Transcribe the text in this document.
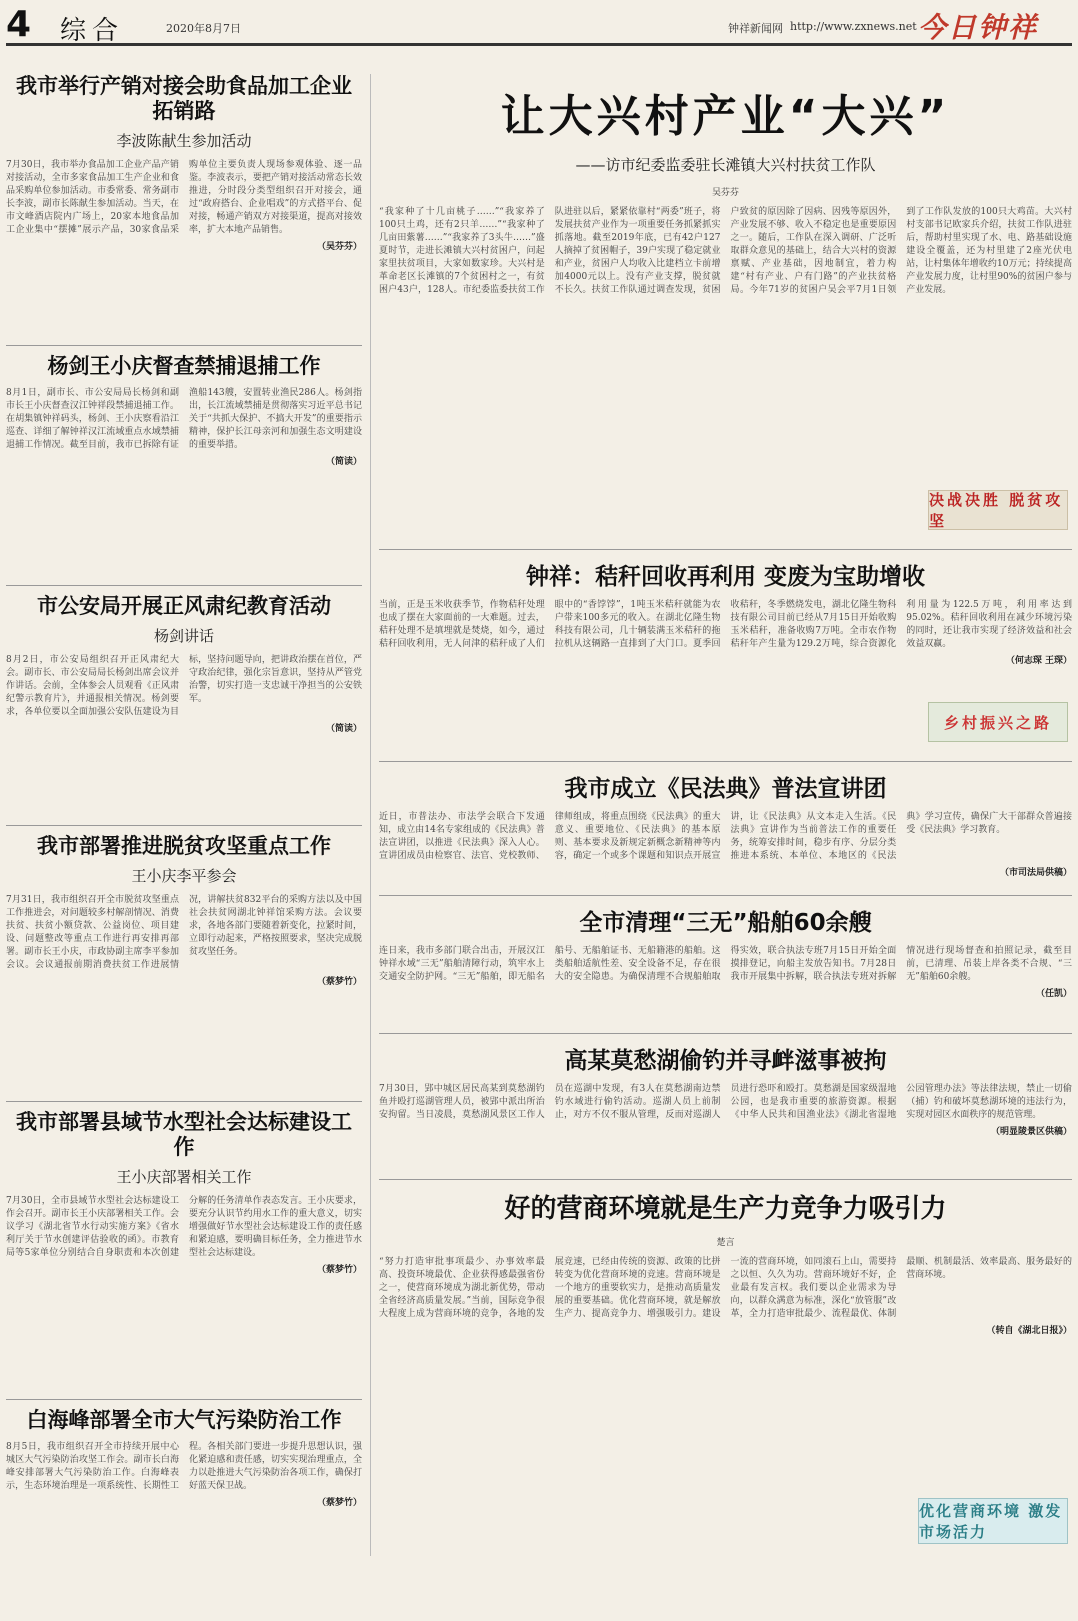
4 综合	2020年8月7日	钟祥新闻网 http://www.zxnews.net 今日钟祥
我市举行产销对接会助食品加工企业拓销路
李波陈献生参加活动
7月30日，我市举办食品加工企业产品产销对接活动，全市多家食品加工生产企业和食品采购单位参加活动。市委常委、常务副市长李波，副市长陈献生参加活动。当天，在市文峰酒店院内广场上，20家本地食品加工企业集中“摆摊”展示产品，30家食品采购单位主要负责人现场参观体验、逐一品鉴。李波表示，要把产销对接活动常态长效推进，分时段分类型组织召开对接会，通过“政府搭台、企业唱戏”的方式搭平台、促对接，畅通产销双方对接渠道，提高对接效率，扩大本地产品销售。
（吴芬芬）
杨剑王小庆督查禁捕退捕工作
8月1日，副市长、市公安局局长杨剑和副市长王小庆督查汉江钟祥段禁捕退捕工作。在胡集镇钟祥码头，杨剑、王小庆察看沿江巡查、详细了解钟祥汉江流域重点水域禁捕退捕工作情况。截至目前，我市已拆除有证渔船143艘，安置转业渔民286人。杨剑指出，长江流域禁捕是贯彻落实习近平总书记关于“共抓大保护、不搞大开发”的重要指示精神，保护长江母亲河和加强生态文明建设的重要举措。
（简读）
市公安局开展正风肃纪教育活动
杨剑讲话
8月2日，市公安局组织召开正风肃纪大会。副市长、市公安局局长杨剑出席会议并作讲话。会前，全体参会人员观看《正风肃纪警示教育片》，并通报相关情况。杨剑要求，各单位要以全面加强公安队伍建设为目标，坚持问题导向，把讲政治摆在首位，严守政治纪律，强化宗旨意识，坚持从严管党治警，切实打造一支忠诚干净担当的公安铁军。
（简读）
我市部署推进脱贫攻坚重点工作
王小庆李平参会
7月31日，我市组织召开全市脱贫攻坚重点工作推进会，对问题较多村解剖情况、消费扶贫、扶贫小额贷款、公益岗位、项目建设、问题整改等重点工作进行再安排再部署。副市长王小庆，市政协副主席李平参加会议。会议通报前期消费扶贫工作进展情况，讲解扶贫832平台的采购方法以及中国社会扶贫网湖北钟祥馆采购方法。会议要求，各地各部门要随着新变化，拉紧时间，立即行动起来，严格按照要求，坚决完成脱贫攻坚任务。
（蔡梦竹）
我市部署县域节水型社会达标建设工作
王小庆部署相关工作
7月30日，全市县域节水型社会达标建设工作会召开。副市长王小庆部署相关工作。会议学习《湖北省节水行动实施方案》《省水利厅关于节水创建评估验收的函》。市教育局等5家单位分别结合自身职责和本次创建分解的任务清单作表态发言。王小庆要求，要充分认识节约用水工作的重大意义，切实增强做好节水型社会达标建设工作的责任感和紧迫感，要明确目标任务，全力推进节水型社会达标建设。
（蔡梦竹）
白海峰部署全市大气污染防治工作
8月5日，我市组织召开全市持续开展中心城区大气污染防治攻坚工作会。副市长白海峰安排部署大气污染防治工作。白海峰表示，生态环境治理是一项系统性、长期性工程。各相关部门要进一步提升思想认识，强化紧迫感和责任感，切实实现治理重点，全力以赴推进大气污染防治各项工作，确保打好蓝天保卫战。
（蔡梦竹）
让大兴村产业“大兴”
——访市纪委监委驻长滩镇大兴村扶贫工作队
吴芬芬
“我家种了十几亩桃子……”“我家养了100只土鸡，还有2只羊……”“我家种了几亩田紫薯……”“我家养了3头牛……”盛夏时节，走进长滩镇大兴村贫困户，问起家里扶贫项目，大家如数家珍。大兴村是革命老区长滩镇的7个贫困村之一，有贫困户43户，128人。市纪委监委扶贫工作队进驻以后，紧紧依靠村“两委”班子，将发展扶贫产业作为一项重要任务抓紧抓实抓落地。截至2019年底，已有42户127人摘掉了贫困帽子，39户实现了稳定就业和产业，贫困户人均收入比建档立卡前增加4000元以上。没有产业支撑，脱贫就不长久。扶贫工作队通过调查发现，贫困户致贫的原因除了因病、因残等原因外，产业发展不够、收入不稳定也是重要原因之一。随后，工作队在深入调研、广泛听取群众意见的基础上，结合大兴村的资源禀赋、产业基础，因地制宜，着力构建“村有产业、户有门路”的产业扶贫格局。今年71岁的贫困户吴会平7月1日领到了工作队发放的100只大鸡苗。大兴村村支部书记欧家兵介绍，扶贫工作队进驻后，帮助村里实现了水、电、路基础设施建设全覆盖，还为村里建了2座光伏电站，让村集体年增收约10万元；持续提高产业发展力度，让村里90%的贫困户参与产业发展。
决战决胜 脱贫攻坚
钟祥：秸秆回收再利用 变废为宝助增收
当前，正是玉米收获季节，作物秸秆处理也成了摆在大家面前的一大难题。过去，秸秆处理不是填埋就是焚烧，如今，通过秸秆回收利用，无人问津的秸秆成了人们眼中的“香饽饽”，1吨玉米秸秆就能为农户带来100多元的收入。在湖北亿隆生物科技有限公司，几十辆装满玉米秸秆的拖拉机从这辆路一直排到了大门口。夏季回收秸秆，冬季燃烧发电，湖北亿隆生物科技有限公司目前已经从7月15日开始收购玉米秸秆，准备收购7万吨。全市农作物秸秆年产生量为129.2万吨，综合资源化利用量为122.5万吨，利用率达到95.02%。秸秆回收利用在减少环境污染的同时，还让我市实现了经济效益和社会效益双赢。
（何志琛 王琛）
乡村振兴之路
我市成立《民法典》普法宣讲团
近日，市普法办、市法学会联合下发通知，成立由14名专家组成的《民法典》普法宣讲团，以推进《民法典》深入人心。宣讲团成员由检察官、法官、党校教师、律师组成，将重点围绕《民法典》的重大意义、重要地位、《民法典》的基本原则、基本要求及新规定新概念新精神等内容，确定一个或多个课题和知识点开展宣讲，让《民法典》从文本走入生活。《民法典》宣讲作为当前普法工作的重要任务，统筹安排时间，稳步有序、分层分类推进本系统、本单位、本地区的《民法典》学习宣传，确保广大干部群众普遍接受《民法典》学习教育。
（市司法局供稿）
全市清理“三无”船舶60余艘
连日来，我市多部门联合出击，开展汉江钟祥水域“三无”船舶清障行动，筑牢水上交通安全防护网。“三无”船舶，即无船名船号、无船舶证书、无船籍港的船舶。这类船舶适航性差、安全设备不足，存在很大的安全隐患。为确保清理不合规船舶取得实效，联合执法专班7月15日开始全面摸排登记，向船主发放告知书。7月28日我市开展集中拆解，联合执法专班对拆解情况进行现场督查和拍照记录，截至目前，已清理、吊装上岸各类不合规、“三无”船舶60余艘。
（任凯）
高某莫愁湖偷钓并寻衅滋事被拘
7月30日，郢中城区居民高某到莫愁湖钓鱼并殴打巡湖管理人员，被郢中派出所治安拘留。当日凌晨，莫愁湖风景区工作人员在巡湖中发现，有3人在莫愁湖南边禁钓水域进行偷钓活动。巡湖人员上前制止，对方不仅不服从管理，反而对巡湖人员进行恐吓和殴打。莫愁湖是国家级湿地公园，也是我市重要的旅游资源。根据《中华人民共和国渔业法》《湖北省湿地公园管理办法》等法律法规，禁止一切偷（捕）钓和破坏莫愁湖环境的违法行为，实现对园区水面秩序的规范管理。
（明显陵景区供稿）
好的营商环境就是生产力竞争力吸引力
楚言
“努力打造审批事项最少、办事效率最高、投资环境最优、企业获得感最强省份之一，使营商环境成为湖北新优势，带动全省经济高质量发展。”当前，国际竞争很大程度上成为营商环境的竞争，各地的发展竞速，已经由传统的资源、政策的比拼转变为优化营商环境的竞速。营商环境是一个地方的重要软实力，是推动高质量发展的重要基础。优化营商环境，就是解放生产力、提高竞争力、增强吸引力。建设一流的营商环境，如同滚石上山，需要持之以恒、久久为功。营商环境好不好，企业最有发言权。我们要以企业需求为导向，以群众满意为标准，深化“放管服”改革，全力打造审批最少、流程最优、体制最顺、机制最活、效率最高、服务最好的营商环境。
（转自《湖北日报》）
优化营商环境 激发市场活力
